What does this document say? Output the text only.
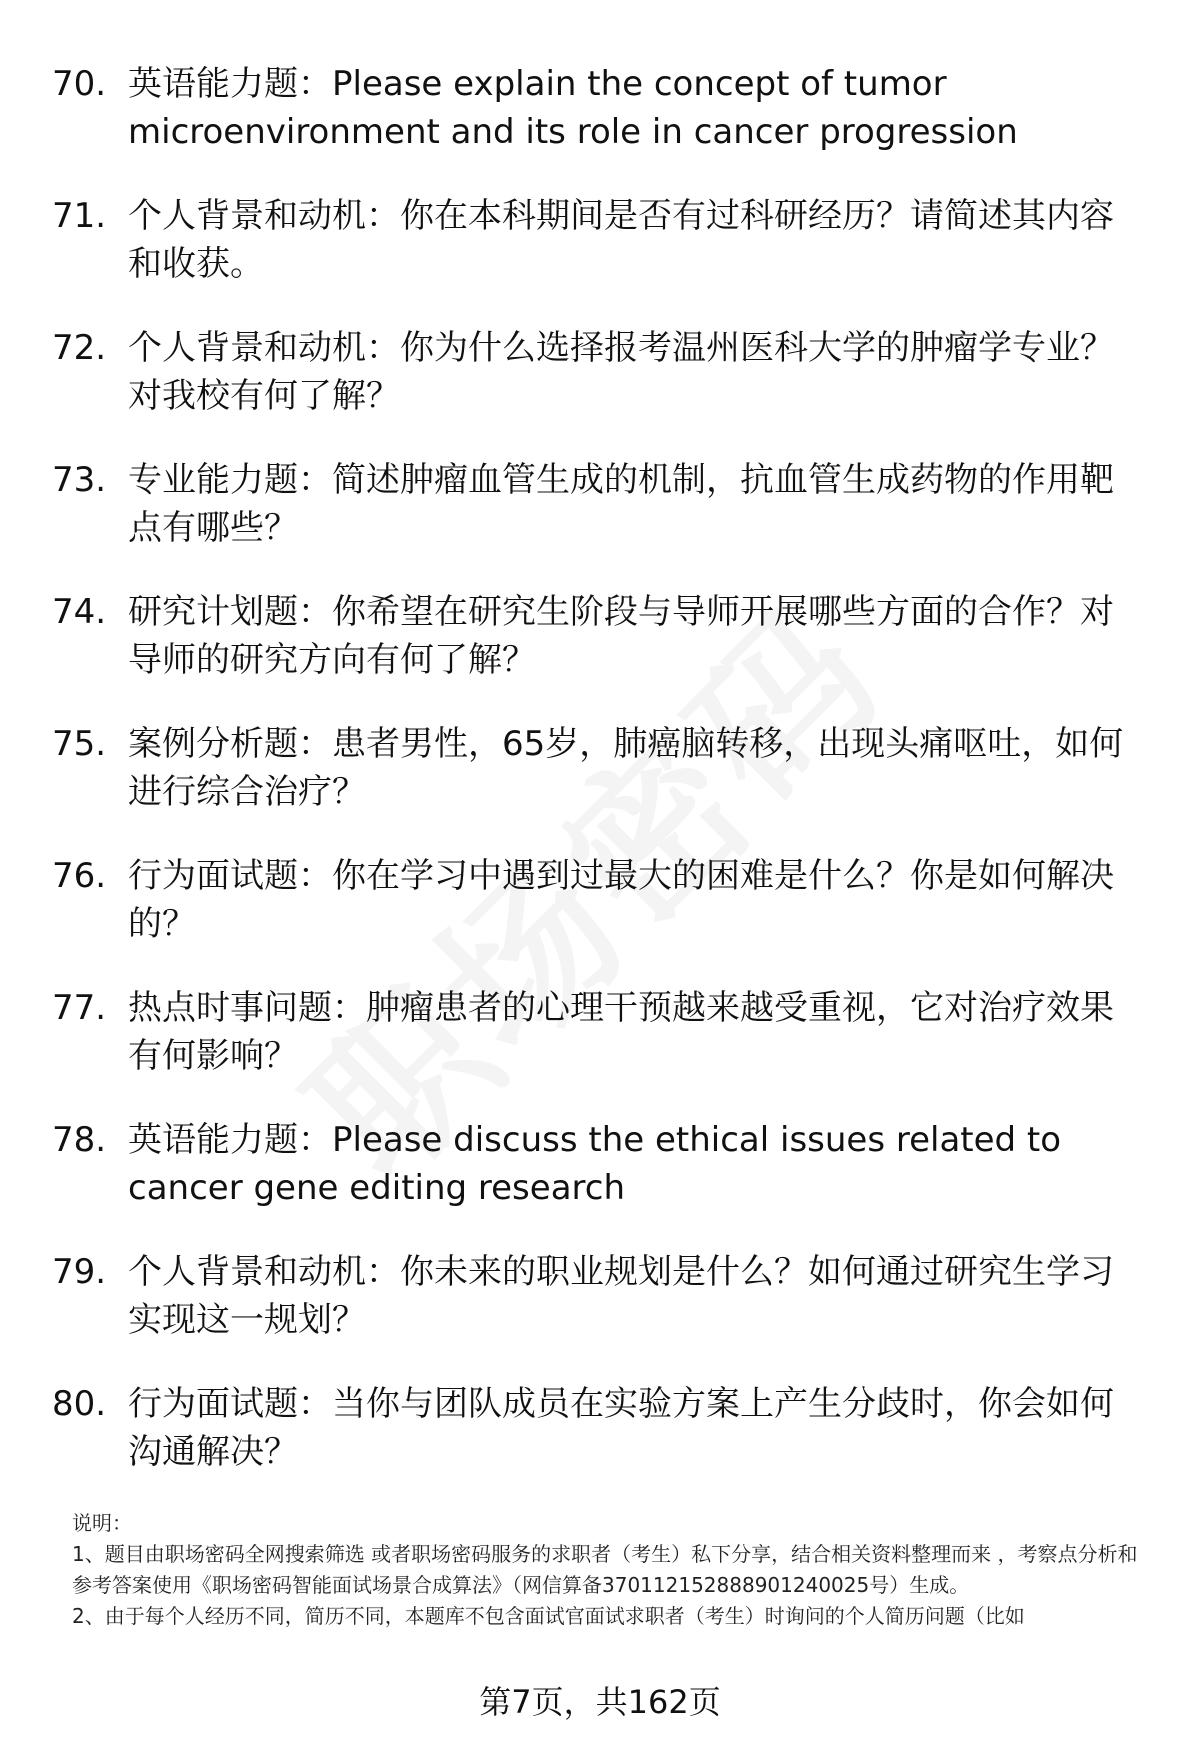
70. 英语能力题：Please explain the concept of tumor microenvironment and its role in cancer progression
71. 个人背景和动机：你在本科期间是否有过科研经历？请简述其内容和收获。
72. 个人背景和动机：你为什么选择报考温州医科大学的肿瘤学专业？对我校有何了解？
73. 专业能力题：简述肿瘤血管生成的机制，抗血管生成药物的作用靶点有哪些？
74. 研究计划题：你希望在研究生阶段与导师开展哪些方面的合作？对导师的研究方向有何了解？
75. 案例分析题：患者男性，65岁，肺癌脑转移，出现头痛呕吐，如何进行综合治疗？
76. 行为面试题：你在学习中遇到过最大的困难是什么？你是如何解决的？
77. 热点时事问题：肿瘤患者的心理干预越来越受重视，它对治疗效果有何影响？
78. 英语能力题：Please discuss the ethical issues related to cancer gene editing research
79. 个人背景和动机：你未来的职业规划是什么？如何通过研究生学习实现这一规划？
80. 行为面试题：当你与团队成员在实验方案上产生分歧时，你会如何沟通解决？

说明：

1、题目由职场密码全网搜索筛选 或者职场密码服务的求职者（考生）私下分享，结合相关资料整理而来 ，考察点分析和参考答案使用《职场密码智能面试场景合成算法》（网信算备370112152888901240025号）生成。

2、由于每个人经历不同，简历不同，本题库不包含面试官面试求职者（考生）时询问的个人简历问题（比如

第7页，共162页
